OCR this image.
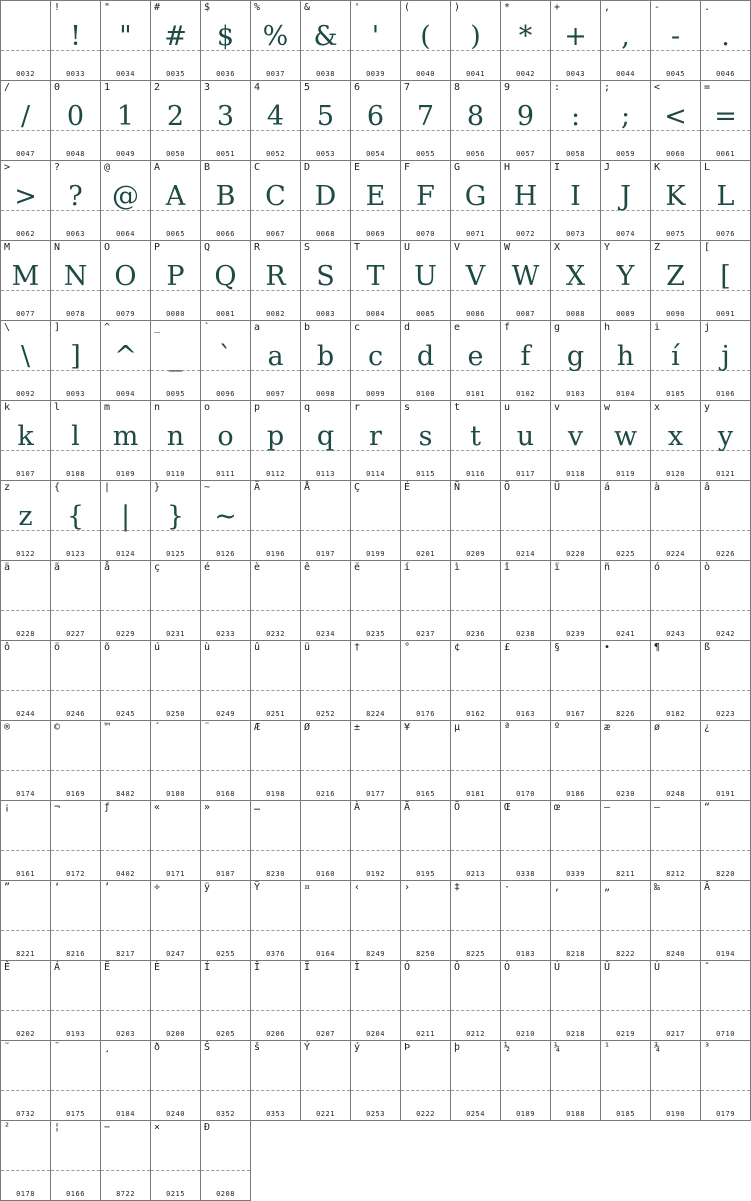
0032
!
!
0033
"
"
0034
#
#
0035
$
$
0036
%
%
0037
&
&
0038
'
'
0039
(
(
0040
)
)
0041
*
*
0042
+
+
0043
,
,
0044
-
-
0045
.
.
0046
/
/
0047
0
0
0048
1
1
0049
2
2
0050
3
3
0051
4
4
0052
5
5
0053
6
6
0054
7
7
0055
8
8
0056
9
9
0057
:
:
0058
;
;
0059
<
<
0060
=
=
0061
>
>
0062
?
?
0063
@
@
0064
A
A
0065
B
B
0066
C
C
0067
D
D
0068
E
E
0069
F
F
0070
G
G
0071
H
H
0072
I
I
0073
J
J
0074
K
K
0075
L
L
0076
M
M
0077
N
N
0078
O
O
0079
P
P
0080
Q
Q
0081
R
R
0082
S
S
0083
T
T
0084
U
U
0085
V
V
0086
W
W
0087
X
X
0088
Y
Y
0089
Z
Z
0090
[
[
0091
\
\
0092
]
]
0093
^
^
0094
_
_
0095
`
`
0096
a
a
0097
b
b
0098
c
c
0099
d
d
0100
e
e
0101
f
f
0102
g
g
0103
h
h
0104
i
í
0105
j
j
0106
k
k
0107
l
l
0108
m
m
0109
n
n
0110
o
o
0111
p
p
0112
q
q
0113
r
r
0114
s
s
0115
t
t
0116
u
u
0117
v
v
0118
w
w
0119
x
x
0120
y
y
0121
z
z
0122
{
{
0123
|
|
0124
}
}
0125
~
~
0126
Ä
0196
Å
0197
Ç
0199
É
0201
Ñ
0209
Ö
0214
Ü
0220
á
0225
à
0224
â
0226
ä
0228
ã
0227
å
0229
ç
0231
é
0233
è
0232
ê
0234
ë
0235
í
0237
ì
0236
î
0238
ï
0239
ñ
0241
ó
0243
ò
0242
ô
0244
ö
0246
õ
0245
ú
0250
ù
0249
û
0251
ü
0252
†
8224
°
0176
¢
0162
£
0163
§
0167
•
8226
¶
0182
ß
0223
®
0174
©
0169
™
8482
´
0180
¨
0168
Æ
0198
Ø
0216
±
0177
¥
0165
µ
0181
ª
0170
º
0186
æ
0230
ø
0248
¿
0191
¡
0161
¬
0172
ƒ
0402
«
0171
»
0187
…
8230	0160
À
0192
Ã
0195
Õ
0213
Œ
0338
œ
0339
–
8211
—
8212
“
8220
”
8221
‘
8216
’
8217
÷
0247
ÿ
0255
Ÿ
0376
¤
0164
‹
8249
›
8250
‡
8225
·
0183
‚
8218
„
8222
‰
8240
Â
0194
Ê
0202
Á
0193
Ë
0203
È
0200
Í
0205
Î
0206
Ï
0207
Ì
0204
Ó
0211
Ô
0212
Ò
0210
Ú
0218
Û
0219
Ù
0217
ˆ
0710
˜
0732
¯
0175
¸
0184
ð
0240
Š
0352
š
0353
Ý
0221
ý
0253
Þ
0222
þ
0254
½
0189
¼
0188
¹
0185
¾
0190
³
0179
²
0178
¦
0166
−
8722
×
0215
Đ
0208
